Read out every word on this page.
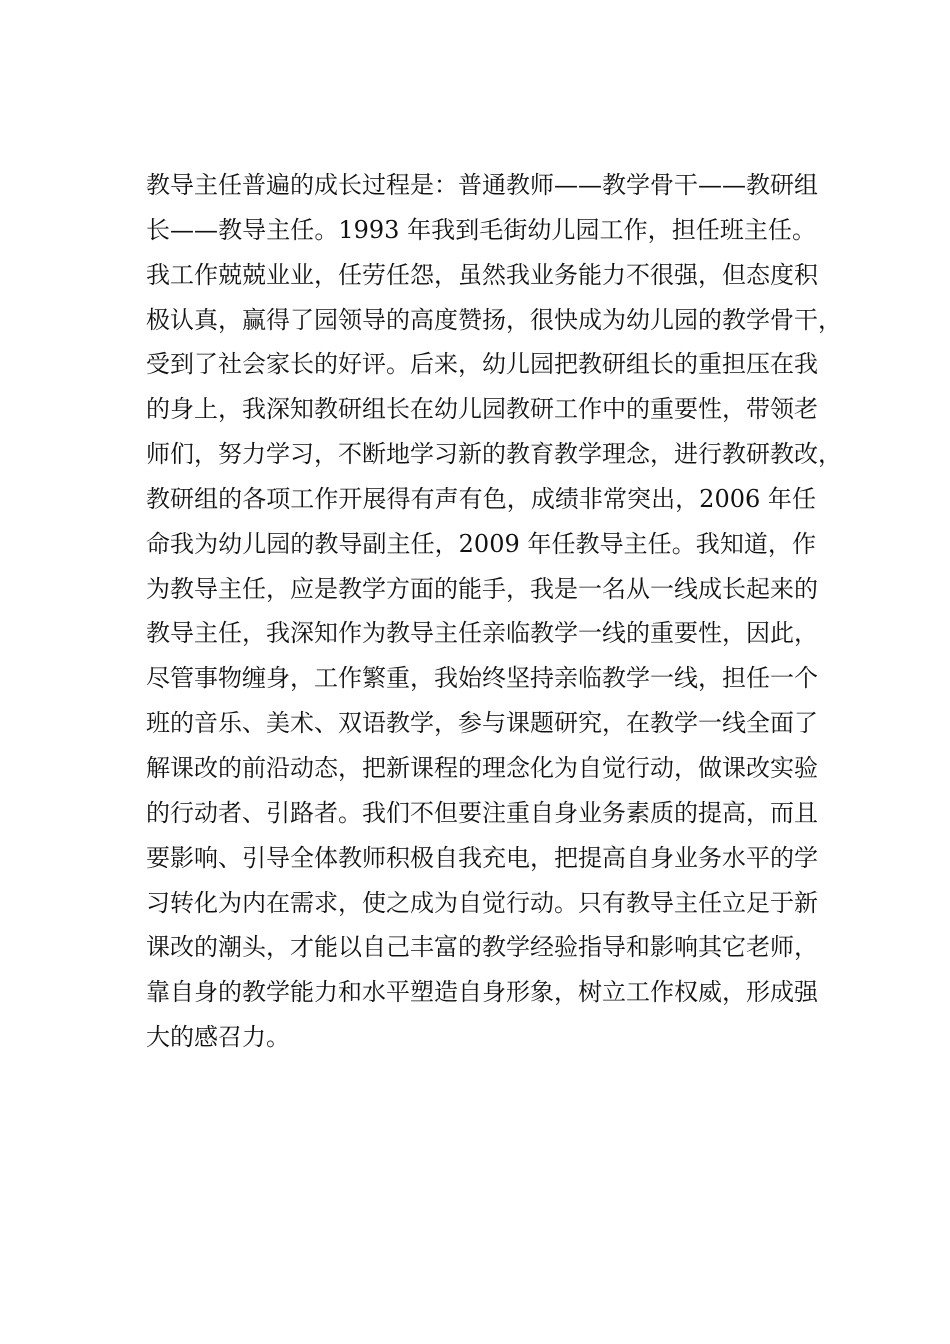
教导主任普遍的成长过程是：普通教师——教学骨干——教研组
长——教导主任。1993 年我到毛街幼儿园工作，担任班主任。
我工作兢兢业业，任劳任怨，虽然我业务能力不很强，但态度积
极认真，赢得了园领导的高度赞扬，很快成为幼儿园的教学骨干，
受到了社会家长的好评。后来，幼儿园把教研组长的重担压在我
的身上，我深知教研组长在幼儿园教研工作中的重要性，带领老
师们，努力学习，不断地学习新的教育教学理念，进行教研教改，
教研组的各项工作开展得有声有色，成绩非常突出，2006 年任
命我为幼儿园的教导副主任，2009 年任教导主任。我知道，作
为教导主任，应是教学方面的能手，我是一名从一线成长起来的
教导主任，我深知作为教导主任亲临教学一线的重要性，因此，
尽管事物缠身，工作繁重，我始终坚持亲临教学一线，担任一个
班的音乐、美术、双语教学，参与课题研究，在教学一线全面了
解课改的前沿动态，把新课程的理念化为自觉行动，做课改实验
的行动者、引路者。我们不但要注重自身业务素质的提高，而且
要影响、引导全体教师积极自我充电，把提高自身业务水平的学
习转化为内在需求，使之成为自觉行动。只有教导主任立足于新
课改的潮头，才能以自己丰富的教学经验指导和影响其它老师，
靠自身的教学能力和水平塑造自身形象，树立工作权威，形成强
大的感召力。
